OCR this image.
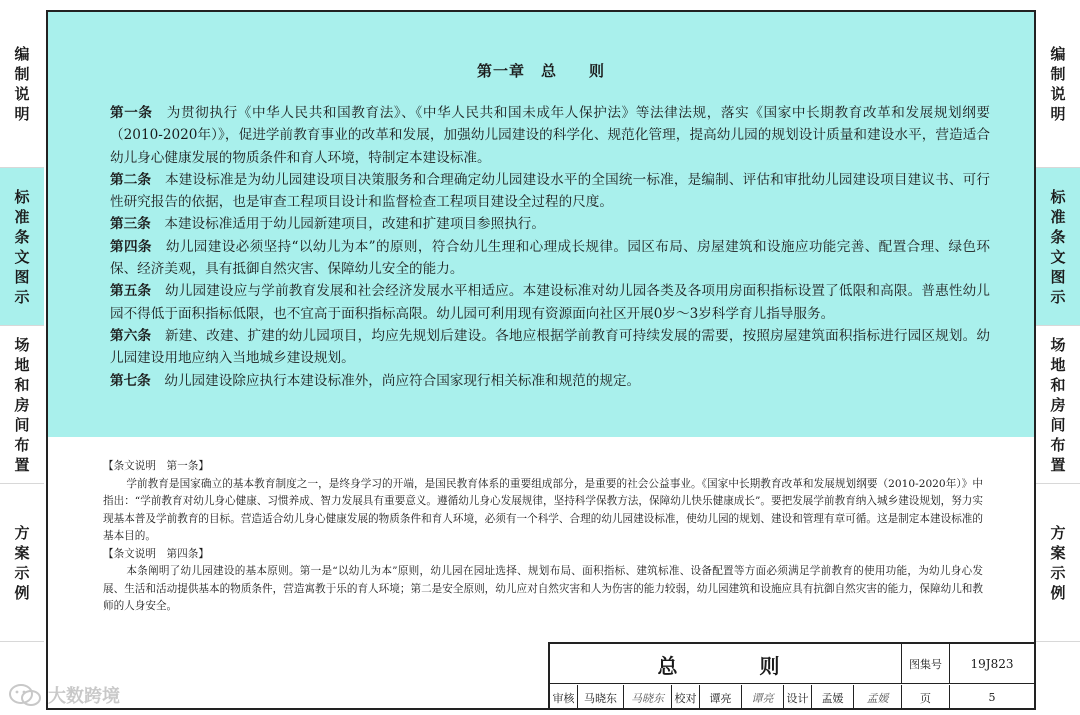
编
制
说
明
标
准
条
文
图
示
场
地
和
房
间
布
置
方
案
示
例
编
制
说
明
标
准
条
文
图
示
场
地
和
房
间
布
置
方
案
示
例
第一章　总　　则
第一条　 为贯彻执行《中华人民共和国教育法》、《中华人民共和国未成年人保护法》等法律法规，落实《国家中长期教育改革和发展规划纲要（2010-2020年）》，促进学前教育事业的改革和发展，加强幼儿园建设的科学化、规范化管理，提高幼儿园的规划设计质量和建设水平，营造适合幼儿身心健康发展的物质条件和育人环境，特制定本建设标准。
第二条　 本建设标准是为幼儿园建设项目决策服务和合理确定幼儿园建设水平的全国统一标准，是编制、评估和审批幼儿园建设项目建议书、可行性研究报告的依据，也是审查工程项目设计和监督检查工程项目建设全过程的尺度。
第三条　 本建设标准适用于幼儿园新建项目，改建和扩建项目参照执行。
第四条　 幼儿园建设必须坚持“以幼儿为本”的原则，符合幼儿生理和心理成长规律。园区布局、房屋建筑和设施应功能完善、配置合理、绿色环保、经济美观，具有抵御自然灾害、保障幼儿安全的能力。
第五条　 幼儿园建设应与学前教育发展和社会经济发展水平相适应。本建设标准对幼儿园各类及各项用房面积指标设置了低限和高限。普惠性幼儿园不得低于面积指标低限，也不宜高于面积指标高限。幼儿园可利用现有资源面向社区开展0岁～3岁科学育儿指导服务。
第六条　 新建、改建、扩建的幼儿园项目，均应先规划后建设。各地应根据学前教育可持续发展的需要，按照房屋建筑面积指标进行园区规划。幼儿园建设用地应纳入当地城乡建设规划。
第七条　 幼儿园建设除应执行本建设标准外，尚应符合国家现行相关标准和规范的规定。
【条文说明　第一条】
学前教育是国家确立的基本教育制度之一，是终身学习的开端，是国民教育体系的重要组成部分，是重要的社会公益事业。《国家中长期教育改革和发展规划纲要（2010-2020年）》中指出：“学前教育对幼儿身心健康、习惯养成、智力发展具有重要意义。遵循幼儿身心发展规律，坚持科学保教方法，保障幼儿快乐健康成长”。要把发展学前教育纳入城乡建设规划，努力实现基本普及学前教育的目标。营造适合幼儿身心健康发展的物质条件和育人环境，必须有一个科学、合理的幼儿园建设标准，使幼儿园的规划、建设和管理有章可循。这是制定本建设标准的基本目的。
【条文说明　第四条】
本条阐明了幼儿园建设的基本原则。第一是“以幼儿为本”原则，幼儿园在园址选择、规划布局、面积指标、建筑标准、设备配置等方面必须满足学前教育的使用功能，为幼儿身心发展、生活和活动提供基本的物质条件，营造寓教于乐的育人环境；第二是安全原则，幼儿应对自然灾害和人为伤害的能力较弱，幼儿园建筑和设施应具有抗御自然灾害的能力，保障幼儿和教师的人身安全。
总　　则	图集号	19J823
审核 马晓东	马晓东 校对	谭亮	谭亮	设计	孟媛	孟媛	页	5
大数跨境
